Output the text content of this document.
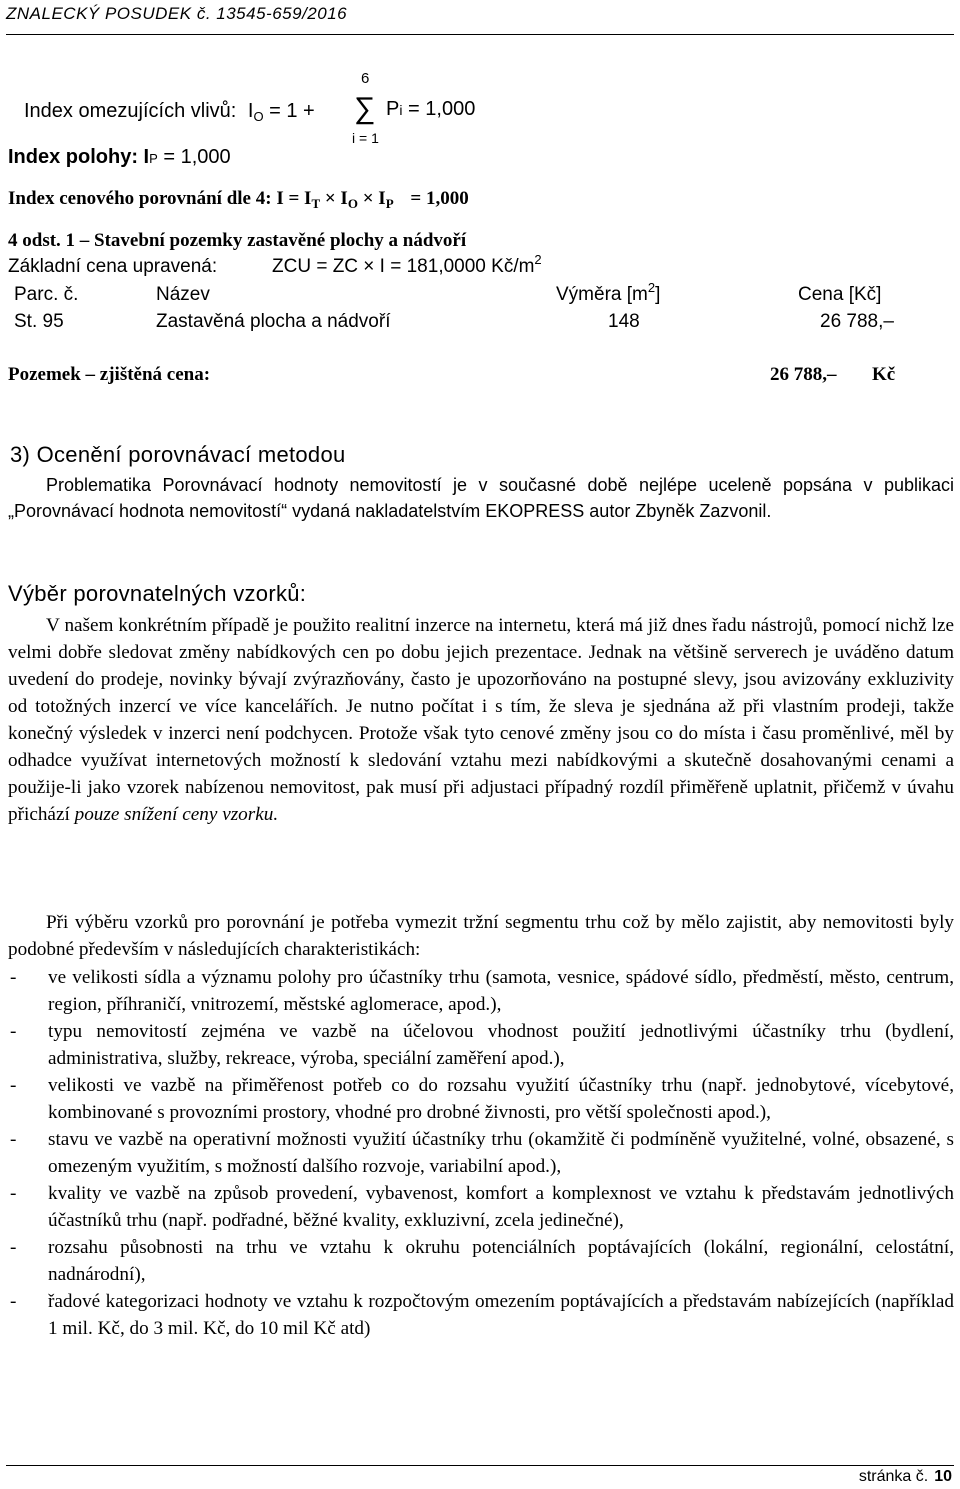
ZNALECKÝ POSUDEK č. 13545-659/2016
Index omezujících vlivů: $I_O = 1$ +
6
∑
i = 1
Pi = 1,000
Index polohy: IP = 1,000
Index cenového porovnání dle 4: $I = I_T \times I_O \times I_P = 1,000$
4 odst. 1 – Stavební pozemky zastavěné plochy a nádvoří
Základní cena upravená:	ZCU = ZC × I = 181,0000 $Kč/m^2$
Parc. č.	Název	Výměra $[m^2]$	Cena [Kč]
St. 95	Zastavěná plocha a nádvoří	148	26 788,–
Pozemek – zjištěná cena:	26 788,– Kč
3) Ocenění porovnávací metodou
Problematika Porovnávací hodnoty nemovitostí je v současné době nejlépe uceleně popsána v publikaci „Porovnávací hodnota nemovitostí“ vydaná nakladatelstvím EKOPRESS autor Zbyněk Zazvonil.
Výběr porovnatelných vzorků:
V našem konkrétním případě je použito realitní inzerce na internetu, která má již dnes řadu nástrojů, pomocí nichž lze velmi dobře sledovat změny nabídkových cen po dobu jejich prezentace. Jednak na většině serverech je uváděno datum uvedení do prodeje, novinky bývají zvýrazňovány, často je upozorňováno na postupné slevy, jsou avizovány exkluzivity od totožných inzercí ve více kancelářích. Je nutno počítat i s tím, že sleva je sjednána až při vlastním prodeji, takže konečný výsledek v inzerci není podchycen. Protože však tyto cenové změny jsou co do místa i času proměnlivé, měl by odhadce využívat internetových možností k sledování vztahu mezi nabídkovými a skutečně dosahovanými cenami a použije-li jako vzorek nabízenou nemovitost, pak musí při adjustaci případný rozdíl přiměřeně uplatnit, přičemž v úvahu přichází pouze snížení ceny vzorku.
Při výběru vzorků pro porovnání je potřeba vymezit tržní segmentu trhu což by mělo zajistit, aby nemovitosti byly podobné především v následujících charakteristikách:
- ve velikosti sídla a významu polohy pro účastníky trhu (samota, vesnice, spádové sídlo, předměstí, město, centrum, region, příhraničí, vnitrozemí, městské aglomerace, apod.),
- typu nemovitostí zejména ve vazbě na účelovou vhodnost použití jednotlivými účastníky trhu (bydlení, administrativa, služby, rekreace, výroba, speciální zaměření apod.),
- velikosti ve vazbě na přiměřenost potřeb co do rozsahu využití účastníky trhu (např. jednobytové, vícebytové, kombinované s provozními prostory, vhodné pro drobné živnosti, pro větší společnosti apod.),
- stavu ve vazbě na operativní možnosti využití účastníky trhu (okamžitě či podmíněně využitelné, volné, obsazené, s omezeným využitím, s možností dalšího rozvoje, variabilní apod.),
- kvality ve vazbě na způsob provedení, vybavenost, komfort a komplexnost ve vztahu k představám jednotlivých účastníků trhu (např. podřadné, běžné kvality, exkluzivní, zcela jedinečné),
- rozsahu působnosti na trhu ve vztahu k okruhu potenciálních poptávajících (lokální, regionální, celostátní, nadnárodní),
- řadové kategorizaci hodnoty ve vztahu k rozpočtovým omezením poptávajících a představám nabízejících (například 1 mil. Kč, do 3 mil. Kč, do 10 mil Kč atd)
stránka č. 10
